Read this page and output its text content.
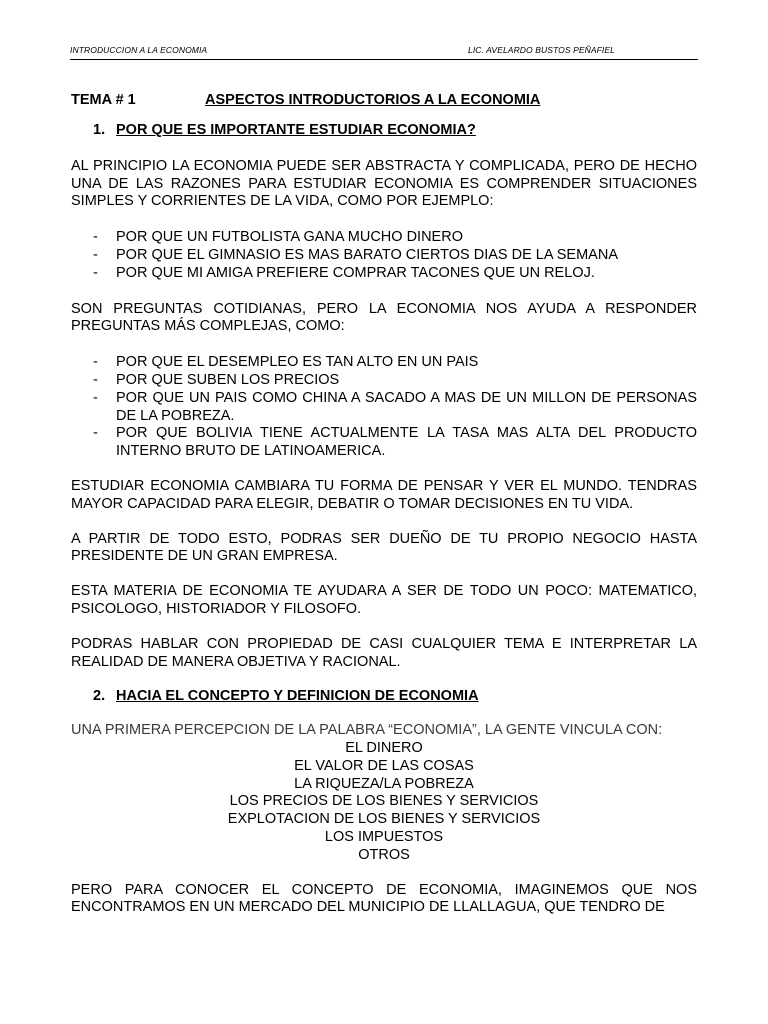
INTRODUCCION A LA ECONOMIA	LIC. AVELARDO BUSTOS PEÑAFIEL
TEMA # 1	ASPECTOS INTRODUCTORIOS A LA ECONOMIA
1. POR QUE ES IMPORTANTE ESTUDIAR ECONOMIA?

AL PRINCIPIO LA ECONOMIA PUEDE SER ABSTRACTA Y COMPLICADA, PERO DE HECHO UNA DE LAS RAZONES PARA ESTUDIAR ECONOMIA ES COMPRENDER SITUACIONES SIMPLES Y CORRIENTES DE LA VIDA, COMO POR EJEMPLO:

- POR QUE UN FUTBOLISTA GANA MUCHO DINERO
- POR QUE EL GIMNASIO ES MAS BARATO CIERTOS DIAS DE LA SEMANA
- POR QUE MI AMIGA PREFIERE COMPRAR TACONES QUE UN RELOJ.

SON PREGUNTAS COTIDIANAS, PERO LA ECONOMIA NOS AYUDA A RESPONDER PREGUNTAS MÁS COMPLEJAS, COMO:

- POR QUE EL DESEMPLEO ES TAN ALTO EN UN PAIS
- POR QUE SUBEN LOS PRECIOS
- POR QUE UN PAIS COMO CHINA A SACADO A MAS DE UN MILLON DE PERSONAS DE LA POBREZA.
- POR QUE BOLIVIA TIENE ACTUALMENTE LA TASA MAS ALTA DEL PRODUCTO INTERNO BRUTO DE LATINOAMERICA.

ESTUDIAR ECONOMIA CAMBIARA TU FORMA DE PENSAR Y VER EL MUNDO. TENDRAS MAYOR CAPACIDAD PARA ELEGIR, DEBATIR O TOMAR DECISIONES EN TU VIDA.

A PARTIR DE TODO ESTO, PODRAS SER DUEÑO DE TU PROPIO NEGOCIO HASTA PRESIDENTE DE UN GRAN EMPRESA.

ESTA MATERIA DE ECONOMIA TE AYUDARA A SER DE TODO UN POCO: MATEMATICO, PSICOLOGO, HISTORIADOR Y FILOSOFO.

PODRAS HABLAR CON PROPIEDAD DE CASI CUALQUIER TEMA E INTERPRETAR LA REALIDAD DE MANERA OBJETIVA Y RACIONAL.

2. HACIA EL CONCEPTO Y DEFINICION DE ECONOMIA

UNA PRIMERA PERCEPCION DE LA PALABRA “ECONOMIA”, LA GENTE VINCULA CON:

EL DINERO
EL VALOR DE LAS COSAS
LA RIQUEZA/LA POBREZA
LOS PRECIOS DE LOS BIENES Y SERVICIOS
EXPLOTACION DE LOS BIENES Y SERVICIOS
LOS IMPUESTOS
OTROS

PERO PARA CONOCER EL CONCEPTO DE ECONOMIA, IMAGINEMOS QUE NOS ENCONTRAMOS EN UN MERCADO DEL MUNICIPIO DE LLALLAGUA, QUE TENDRO DE
